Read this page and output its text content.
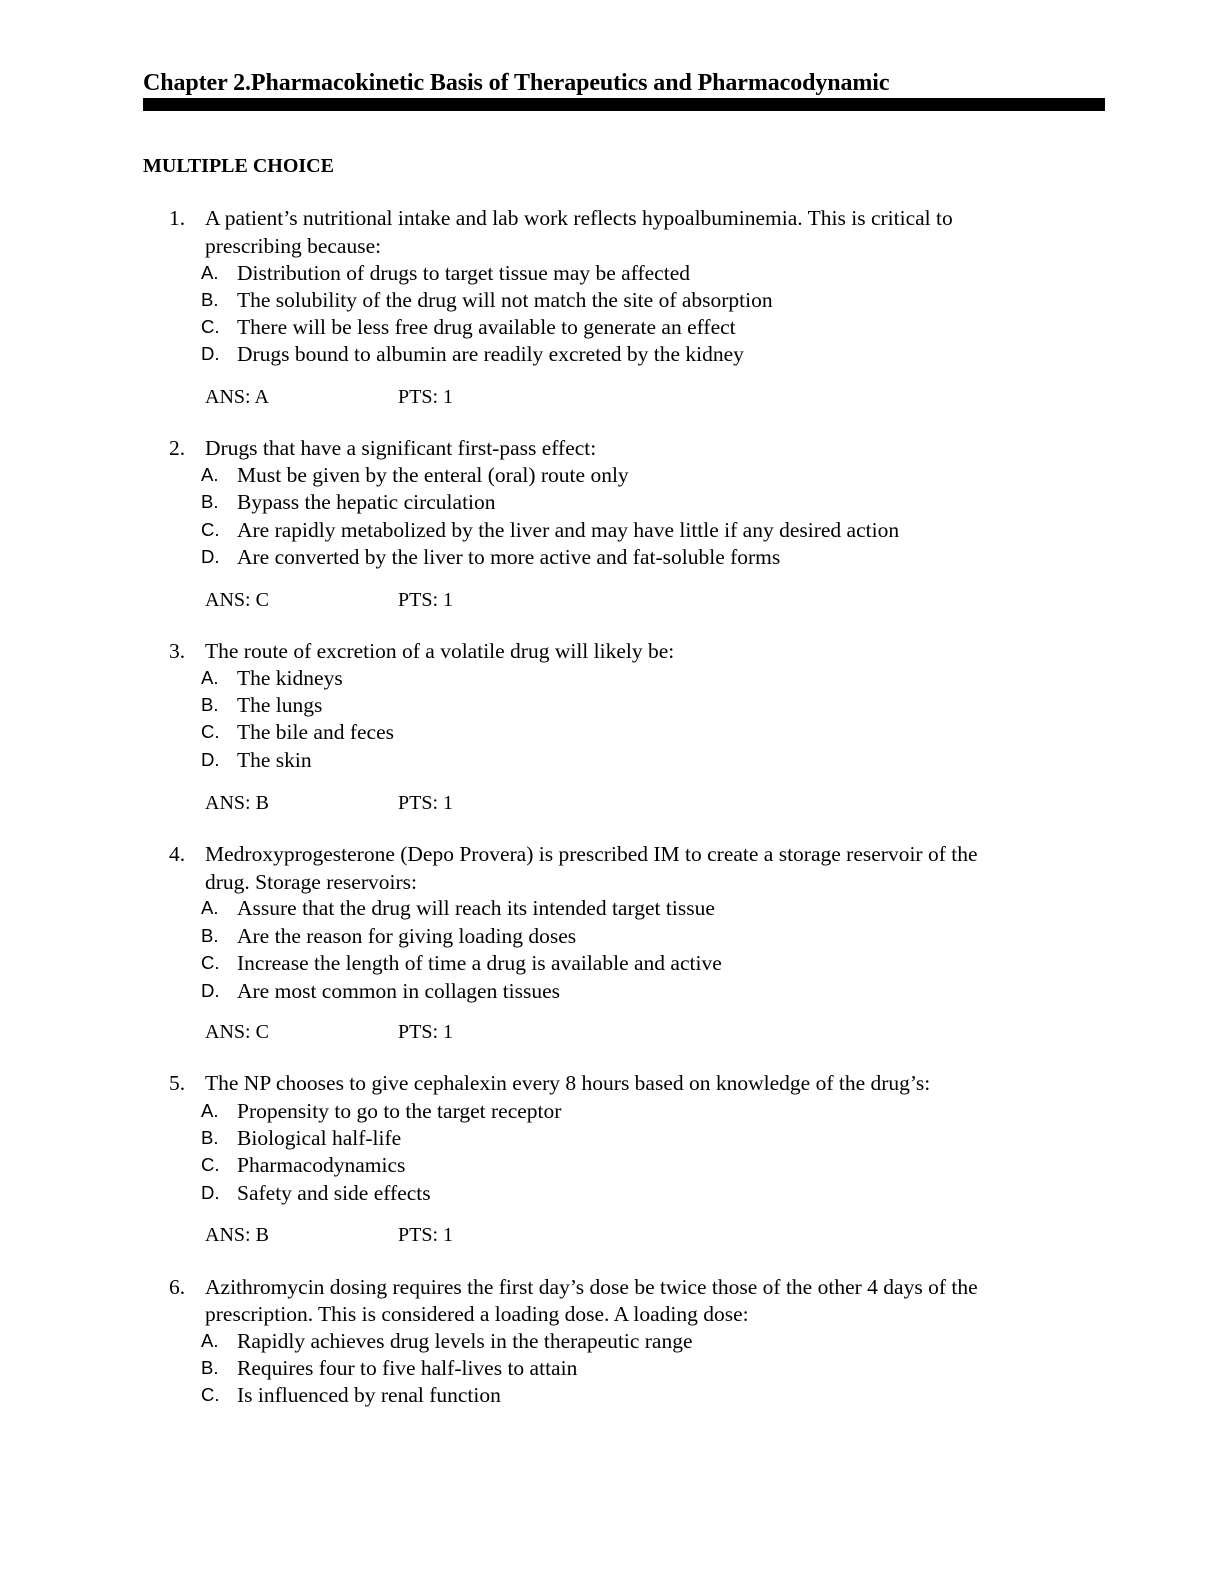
Chapter 2.Pharmacokinetic Basis of Therapeutics and Pharmacodynamic
MULTIPLE CHOICE
1. A patient’s nutritional intake and lab work reflects hypoalbuminemia. This is critical to
prescribing because:
A. Distribution of drugs to target tissue may be affected
B. The solubility of the drug will not match the site of absorption
C. There will be less free drug available to generate an effect
D. Drugs bound to albumin are readily excreted by the kidney
ANS: A	PTS: 1
2. Drugs that have a significant first-pass effect:
A. Must be given by the enteral (oral) route only
B. Bypass the hepatic circulation
C. Are rapidly metabolized by the liver and may have little if any desired action
D. Are converted by the liver to more active and fat-soluble forms
ANS: C	PTS: 1
3. The route of excretion of a volatile drug will likely be:
A. The kidneys
B. The lungs
C. The bile and feces
D. The skin
ANS: B	PTS: 1
4. Medroxyprogesterone (Depo Provera) is prescribed IM to create a storage reservoir of the
drug. Storage reservoirs:
A. Assure that the drug will reach its intended target tissue
B. Are the reason for giving loading doses
C. Increase the length of time a drug is available and active
D. Are most common in collagen tissues
ANS: C	PTS: 1
5. The NP chooses to give cephalexin every 8 hours based on knowledge of the drug’s:
A. Propensity to go to the target receptor
B. Biological half-life
C. Pharmacodynamics
D. Safety and side effects
ANS: B	PTS: 1
6. Azithromycin dosing requires the first day’s dose be twice those of the other 4 days of the
prescription. This is considered a loading dose. A loading dose:
A. Rapidly achieves drug levels in the therapeutic range
B. Requires four to five half-lives to attain
C. Is influenced by renal function
